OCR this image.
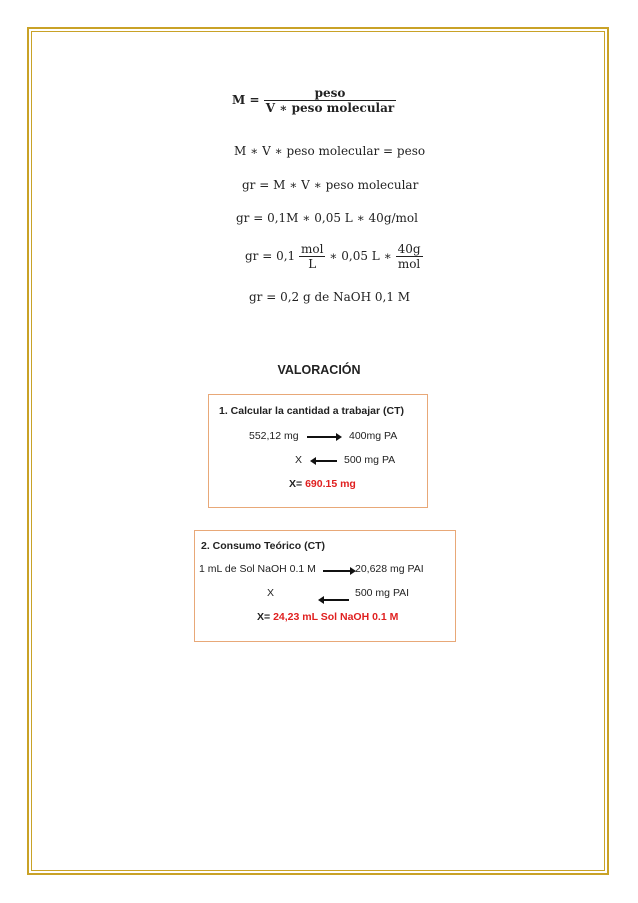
$M = \frac{\text{peso}}{\text{V ∗ peso molecular}}$
M ∗ V ∗ peso molecular = peso
gr = M ∗ V ∗ peso molecular
gr = 0,1M ∗ 0,05 L ∗ 40g/mol
gr = $0,1 \frac{\text{mol}}{L}$ ∗ 0,05 L ∗ $\frac{40g}{\text{mol}}$
gr = 0,2 g de NaOH 0,1 M
VALORACIÓN
1. Calcular la cantidad a trabajar (CT)
552,12 mg	400mg PA
X	500 mg PA
X= 690.15 mg
2. Consumo Teórico (CT)
1 mL de Sol NaOH 0.1 M	20,628 mg PAI
X	500 mg PAI
X= 24,23 mL Sol NaOH 0.1 M
